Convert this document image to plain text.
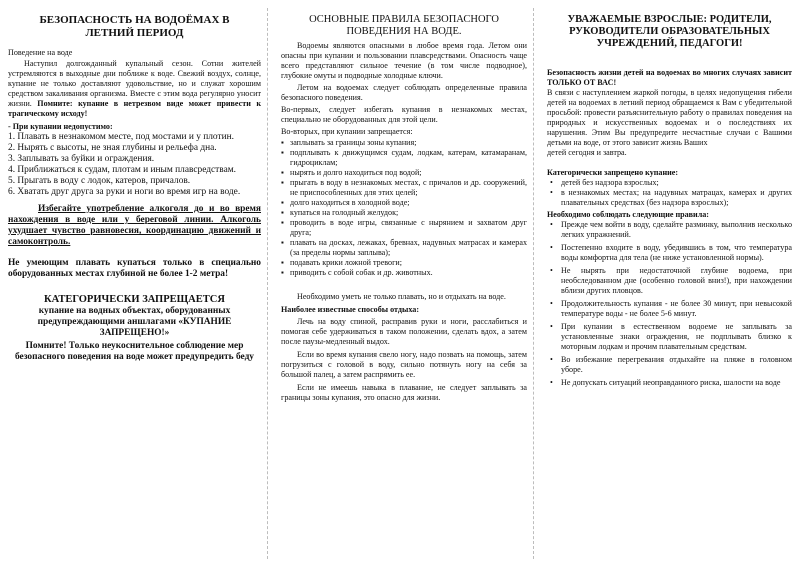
БЕЗОПАСНОСТЬ НА ВОДОЁМАХ В ЛЕТНИЙ ПЕРИОД

Поведение на воде

Наступил долгожданный купальный сезон. Сотни жителей устремляются в выходные дни поближе к воде. Свежий воздух, солнце, купание не только доставляют удовольствие, но и служат хорошим средством закаливания организма. Вместе с этим вода регулярно уносит жизни. Помните: купание в нетрезвом виде может привести к трагическому исходу!

- При купании недопустимо:

1. Плавать в незнакомом месте, под мостами и у плотин.

2. Нырять с высоты, не зная глубины и рельефа дна.

3. Заплывать за буйки и ограждения.

4. Приближаться к судам, плотам и иным плавсредствам.

5. Прыгать в воду с лодок, катеров, причалов.

6. Хватать друг друга за руки и ноги во время игр на воде.

Избегайте употребление алкоголя до и во время нахождения в воде или у береговой линии. Алкоголь ухудшает чувство равновесия, координацию движений и самоконтроль.

Не умеющим плавать купаться только в специально оборудованных местах глубиной не более 1-2 метра!

КАТЕГОРИЧЕСКИ ЗАПРЕЩАЕТСЯ

купание на водных объектах, оборудованных предупреждающими аншлагами «КУПАНИЕ ЗАПРЕЩЕНО!»

Помните! Только неукоснительное соблюдение мер безопасного поведения на воде может предупредить беду

ОСНОВНЫЕ ПРАВИЛА БЕЗОПАСНОГО ПОВЕДЕНИЯ НА ВОДЕ.

Водоемы являются опасными в любое время года. Летом они опасны при купании и пользовании плавсредствами. Опасность чаще всего представляют сильное течение (в том числе подводное), глубокие омуты и подводные холодные ключи.

Летом на водоемах следует соблюдать определенные правила безопасного поведения.

Во-первых, следует избегать купания в незнакомых местах, специально не оборудованных для этой цели.

Во-вторых, при купании запрещается:

▪ заплывать за границы зоны купания;
▪ подплывать к движущимся судам, лодкам, катерам, катамаранам, гидроциклам;
▪ нырять и долго находиться под водой;
▪ прыгать в воду в незнакомых местах, с причалов и др. сооружений, не приспособленных для этих целей;
▪ долго находиться в холодной воде;
▪ купаться на голодный желудок;
▪ проводить в воде игры, связанные с нырянием и захватом друг друга;
▪ плавать на досках, лежаках, бревнах, надувных матрасах и камерах (за пределы нормы заплыва);
▪ подавать крики ложной тревоги;
▪ приводить с собой собак и др. животных.

Необходимо уметь не только плавать, но и отдыхать на воде.

Наиболее известные способы отдыха:

Лечь на воду спиной, расправив руки и ноги, расслабиться и помогая себе удерживаться в таком положении, сделать вдох, а затем после паузы-медленный выдох.

Если во время купания свело ногу, надо позвать на помощь, затем погрузиться с головой в воду, сильно потянуть ногу на себя за большой палец, а затем распрямить ее.

Если не имеешь навыка в плавание, не следует заплывать за границы зоны купания, это опасно для жизни.

УВАЖАЕМЫЕ ВЗРОСЛЫЕ: РОДИТЕЛИ, РУКОВОДИТЕЛИ ОБРАЗОВАТЕЛЬНЫХ УЧРЕЖДЕНИЙ, ПЕДАГОГИ!

Безопасность жизни детей на водоемах во многих случаях зависит ТОЛЬКО ОТ ВАС!

В связи с наступлением жаркой погоды, в целях недопущения гибели детей на водоемах в летний период обращаемся к Вам с убедительной просьбой: провести разъяснительную работу о правилах поведения на природных и искусственных водоемах и о последствиях их нарушения. Этим Вы предупредите несчастные случаи с Вашими детьми на воде, от этого зависит жизнь Ваших

детей сегодня и завтра.

Категорически запрещено купание:

• детей без надзора взрослых;
• в незнакомых местах; на надувных матрацах, камерах и других плавательных средствах (без надзора взрослых);

Необходимо соблюдать следующие правила:

• Прежде чем войти в воду, сделайте разминку, выполнив несколько легких упражнений.
• Постепенно входите в воду, убедившись в том, что температура воды комфортна для тела (не ниже установленной нормы).
• Не нырять при недостаточной глубине водоема, при необследованном дне (особенно головой вниз!), при нахождении вблизи других пловцов.
• Продолжительность купания - не более 30 минут, при невысокой температуре воды - не более 5-6 минут.
• При купании в естественном водоеме не заплывать за установленные знаки ограждения, не подплывать близко к моторным лодкам и прочим плавательным средствам.
• Во избежание перегревания отдыхайте на пляже в головном уборе.
• Не допускать ситуаций неоправданного риска, шалости на воде
